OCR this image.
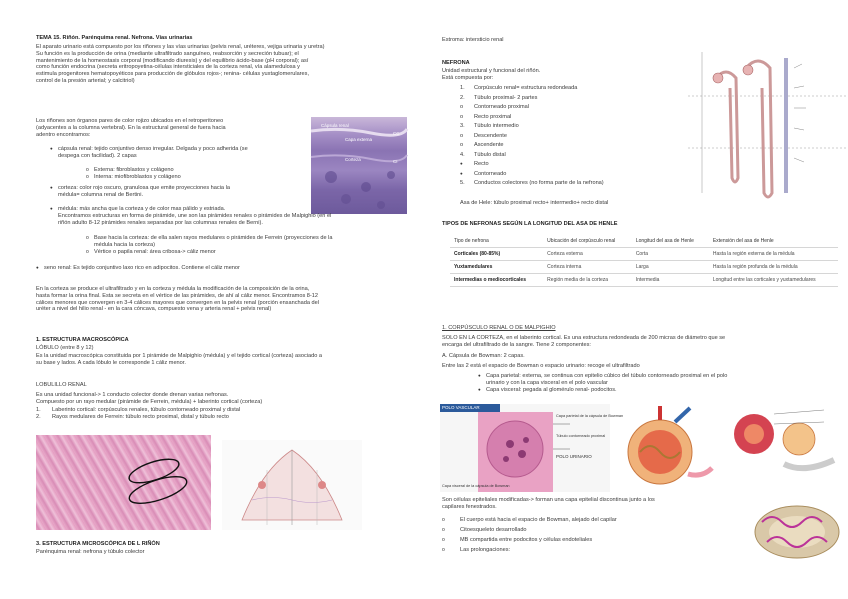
TEMA 15. Riñón. Parénquima renal. Nefrona. Vías urinarias

El aparato urinario está compuesto por los riñones y las vías urinarias (pelvis renal, uréteres, vejiga urinaria y uretra)

Su función es la producción de orina (mediante ultrafiltrado sanguíneo, reabsorción y secreción tubuar); el

mantenimiento de la homeostasis corporal (modificando diuresis) y del equilibrio ácido-base (pH corporal); así

como función endocrina (secreta eritropoyetina-células intersticiales de la corteza renal, vía alamedulosa y

estimula progenitores hematopoyéticos para producción de glóbulos rojos-; renina- células yuxtaglomerulares,

control de la presión arterial; y calcitriol)

Los riñones son órganos pares de color rojizo ubicados en el retroperitoneo

(adyacentes a la columna vertebral). En la estructural general de fuera hacia

adentro encontramos:

Cápsula renal
Capa externa
Corteza
CC
CI
● cápsula renal: tejido conjuntivo denso irregular. Delgada y poco adherida (se
despega con facilidad). 2 capas
o Externa: fibroblastos y colágeno
o Interna: miofibroblastos y colágeno
● corteza: color rojo oscuro, granulosa que emite proyecciones hacia la
médula= columna renal de Bertini.
● médula: más ancha que la corteza y de color mas pálido y estriada.
Encontramos estructuras en forma de pirámide, une son las pirámides renales o pirámides de Malpighio (en el
riñón adulto 8-12 pirámides renales separadas por las columnas renales de Berni).
o Base hacia la corteza: de ella salen rayos medulares o pirámides de Ferrein (proyecciones de la
médula hacia la corteza)
o Vértice o papila renal: área cribosa-> cáliz menor
● seno renal: Es tejido conjuntivo laxo rico en adipocitos. Contiene el cáliz menor

En la corteza se produce el ultrafiltrado y en la corteza y médula la modificación de la composición de la orina,

hasta formar la orina final. Esta se secreta en el vértice de las pirámides, de ahí al cáliz menor. Encontramos 8-12

cálices menores que convergen en 3-4 cálices mayores que convergen en la pelvis renal (porción ensanchada del

uréter a nivel del hilio renal - en la cara cóncava, compuesto vena y arteria renal + pelvis renal)

1. ESTRUCTURA MACROSCÓPICA

LÓBULO (entre 8 y 12)

Es la unidad macroscópica constituida por 1 pirámide de Malpighio (médula) y el tejido cortical (corteza) asociado a

su base y lados. A cada lóbulo le corresponde 1 cáliz menor.

LOBULILLO RENAL

Es una unidad funcional-> 1 conducto colector donde drenan varias nefronas.

Compuesto por un rayo medular (pirámide de Ferrein, médula) + laberinto cortical (corteza)

1. Laberinto cortical: corpúsculos renales, túbulo contorneado proximal y distal
2. Rayos medulares de Ferrein: túbulo recto proximal, distal y túbulo recto

3. ESTRUCTURA MICROSCÓPICA DE L RIÑÓN

Parénquima renal: nefrona y túbulo colector

Estroma: intersticio renal

NEFRONA

Unidad estructural y funcional del riñón.

Está compuesta por:

1. Corpúsculo renal= estructura redondeada
2. Túbulo proximal- 2 partes
o Contorneado proximal
o Recto proximal
3. Túbulo intermedio
o Descendente
o Ascendente
4. Túbulo distal
● Recto
● Contorneado
5. Conductos colectores (no forma parte de la nefrona)

Asa de Hele: túbulo proximal recto+ intermedio+ recto distal

TIPOS DE NEFRONAS SEGÚN LA LONGITUD DEL ASA DE HENLE

Tipo de nefrona	Ubicación del corpúsculo renal	Longitud del asa de Henle	Extensión del asa de Henle
Corticales (80-85%)	Corteza externa	Corta	Hasta la región externa de la médula
Yuxtamedulares	Corteza interna	Larga	Hasta la región profunda de la médula
Intermedias o mediocorticales	Región media de la corteza	Intermedia	Longitud entre las corticales y yuxtamedulares

1. CORPÚSCULO RENAL O DE MALPIGHIO

SOLO EN LA CORTEZA, en el laberinto cortical. Es una estructura redondeada de 200 micras de diámetro que se

encarga del ultrafiltrado de la sangre. Tiene 2 componentes:

A. Cápsula de Bowman: 2 capas.

Entre las 2 está el espacio de Bowman o espacio urinario: recoge el ultrafiltrado

● Capa parietal: externa, se continua con epitelio cúbico del túbulo contorneado proximal en el polo
urinario y con la capa visceral en el polo vascular
● Capa visceral: pegada al glomérulo renal- podocitos.
POLO VASCULAR
POLO URINARIO
Capa parietal de la cápsula de Bowman
Capa visceral de la cápsula de Bowman
Túbulo contorneado proximal

Son células epiteliales modificadas-> forman una capa epitelial discontinua junto a los

capilares fenestrados.

o El cuerpo está hacia el espacio de Bowman, alejado del capilar
o Citoesqueleto desarrollado
o MB compartida entre podocitos y células endoteliales
o Las prolongaciones:
